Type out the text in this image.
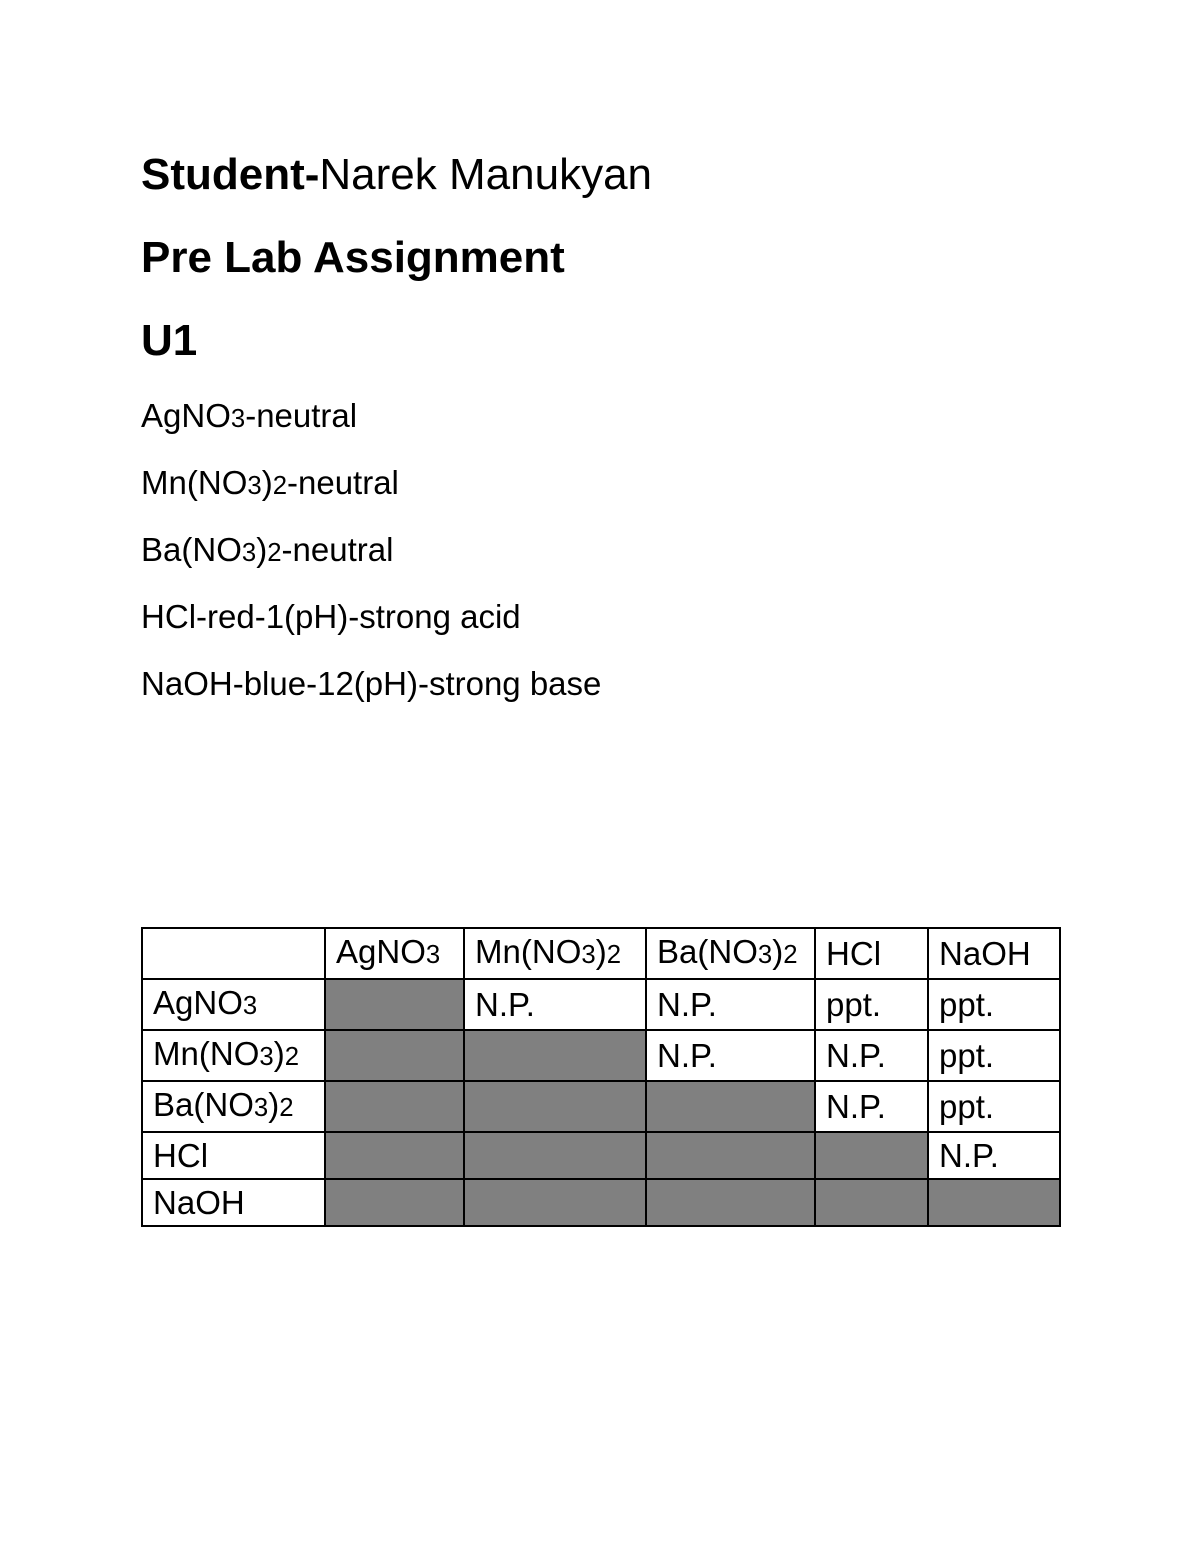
Student-Narek Manukyan
Pre Lab Assignment
U1
AgNO3-neutral
Mn(NO3)2-neutral
Ba(NO3)2-neutral
HCl-red-1(pH)-strong acid
NaOH-blue-12(pH)-strong base
	AgNO3	Mn(NO3)2	Ba(NO3)2	HCl	NaOH
AgNO3		N.P.	N.P.	ppt.	ppt.
Mn(NO3)2			N.P.	N.P.	ppt.
Ba(NO3)2				N.P.	ppt.
HCl					N.P.
NaOH					
